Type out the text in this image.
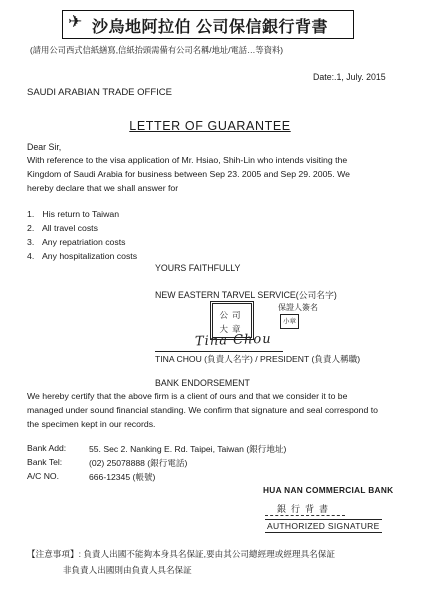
✈ 沙烏地阿拉伯 公司保信銀行背書
(請用公司西式信紙繕寫,信紙抬頭需備有公司名稱/地址/電話…等資料)
Date:.1, July. 2015
SAUDI ARABIAN TRADE OFFICE
LETTER OF GUARANTEE
Dear Sir,
With reference to the visa application of Mr. Hsiao, Shih-Lin who intends visiting the
Kingdom of Saudi Arabia for business between Sep 23. 2005 and Sep 29. 2005. We
hereby declare that we shall answer for
1. His return to Taiwan
2. All travel costs
3. Any repatriation costs
4. Any hospitalization costs
YOURS FAITHFULLY
NEW EASTERN TARVEL SERVICE(公司名字)
公司
大章
保證人簽名
小章
Tina Chou
TINA CHOU (負責人名字) / PRESIDENT (負責人稱職)
BANK ENDORSEMENT
We hereby certify that the above firm is a client of ours and that we consider it to be
managed under sound financial standing. We confirm that signature and seal correspond to
the specimen kept in our records.
Bank Add:	55. Sec 2. Nanking E. Rd. Taipei, Taiwan (銀行地址)
Bank Tel:	(02) 25078888 (銀行電話)
A/C NO.	666-12345 (帳號)
HUA NAN COMMERCIAL BANK
銀行背書
AUTHORIZED SIGNATURE
【注意事項】: 負責人出國不能夠本身具名保証,要由其公司總經理或經理具名保証
非負責人出國則由負責人具名保証
